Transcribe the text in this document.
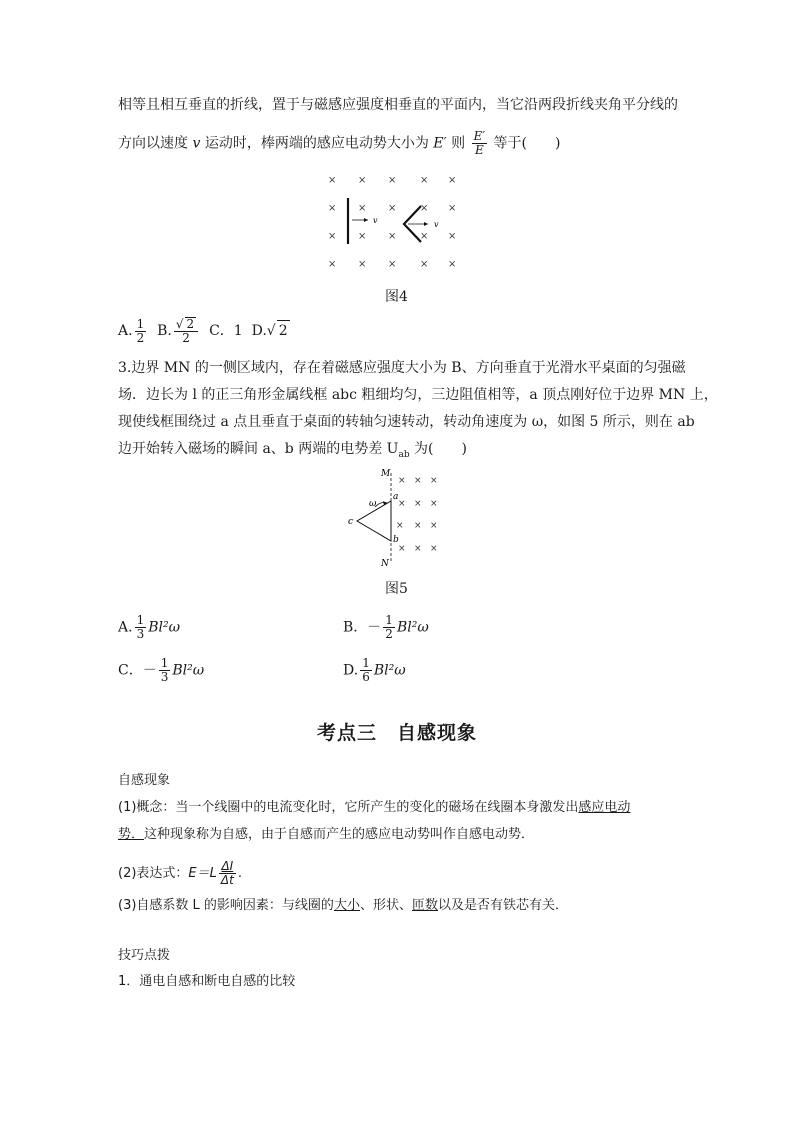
相等且相互垂直的折线，置于与磁感应强度相垂直的平面内，当它沿两段折线夹角平分线的
方向以速度 v 运动时，棒两端的感应电动势大小为 E′ 则 $\frac{E'}{E}$ 等于(　　)
× × × × ×
× × × × ×
× × × × ×
× × × × ×
v	v
图4
A. $\frac{1}{2} B$. $\frac{√ 2}{2}$ C．1 D.√ 2
3.边界 MN 的一侧区域内，存在着磁感应强度大小为 B、方向垂直于光滑水平桌面的匀强磁
场．边长为 l 的正三角形金属线框 abc 粗细均匀，三边阻值相等，a 顶点刚好位于边界 MN 上，
现使线框围绕过 a 点且垂直于桌面的转轴匀速转动，转动角速度为 ω，如图 5 所示，则在 ab
边开始转入磁场的瞬间 a、b 两端的电势差 $U_{ab}$ 为(　　)
× × ×
× × ×
× × ×
× × ×
M
N
a
b
c
ω
图5
A. $\frac{1}{3} Bl^2\omega$	B．－ $\frac{1}{2} Bl^2\omega$
C．－ $\frac{1}{3} Bl^2\omega$	D. $\frac{1}{6} Bl^2\omega$
考点三　自感现象
自感现象
(1)概念：当一个线圈中的电流变化时，它所产生的变化的磁场在线圈本身激发出感应电动
势．这种现象称为自感，由于自感而产生的感应电动势叫作自感电动势．
(2)表达式：$E=L \frac{\Delta I}{\Delta t}$ .
(3)自感系数 L 的影响因素：与线圈的大小、形状、匝数以及是否有铁芯有关．
技巧点拨
1．通电自感和断电自感的比较
